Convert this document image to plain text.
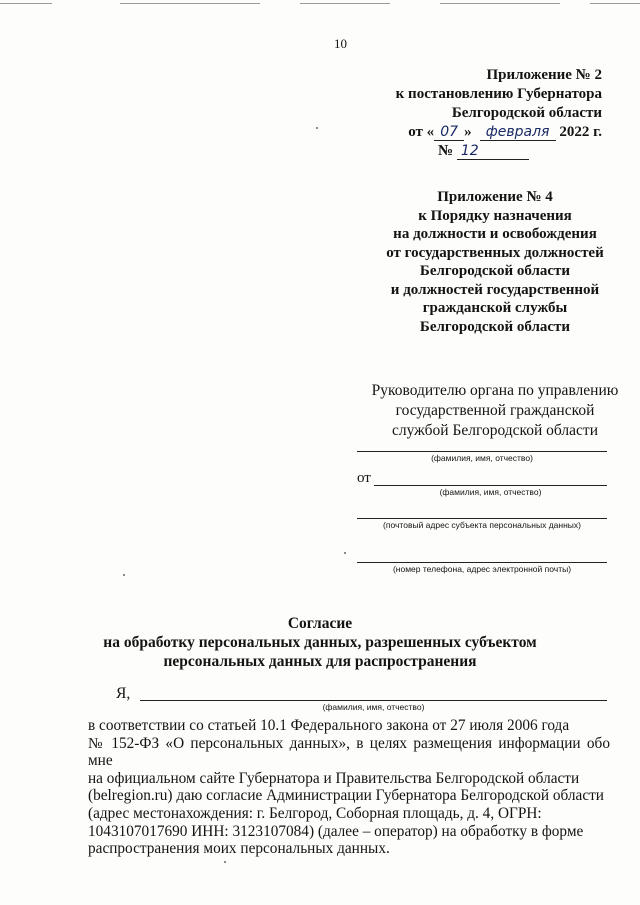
10
Приложение № 2
к постановлению Губернатора
Белгородской области
от « 07 » февраля 2022 г.
№ 12
Приложение № 4
к Порядку назначения
на должности и освобождения
от государственных должностей
Белгородской области
и должностей государственной
гражданской службы
Белгородской области
Руководителю органа по управлению
государственной гражданской
службой Белгородской области
(фамилия, имя, отчество)
от
(фамилия, имя, отчество)
(почтовый адрес субъекта персональных данных)
(номер телефона, адрес электронной почты)
Согласие
на обработку персональных данных, разрешенных субъектом
персональных данных для распространения
Я,
(фамилия, имя, отчество)
в соответствии со статьей 10.1 Федерального закона от 27 июля 2006 года
№ 152-ФЗ «О персональных данных», в целях размещения информации обо мне
на официальном сайте Губернатора и Правительства Белгородской области
(belregion.ru) даю согласие Администрации Губернатора Белгородской области
(адрес местонахождения: г. Белгород, Соборная площадь, д. 4, ОГРН:
1043107017690 ИНН: 3123107084) (далее – оператор) на обработку в форме
распространения моих персональных данных.
